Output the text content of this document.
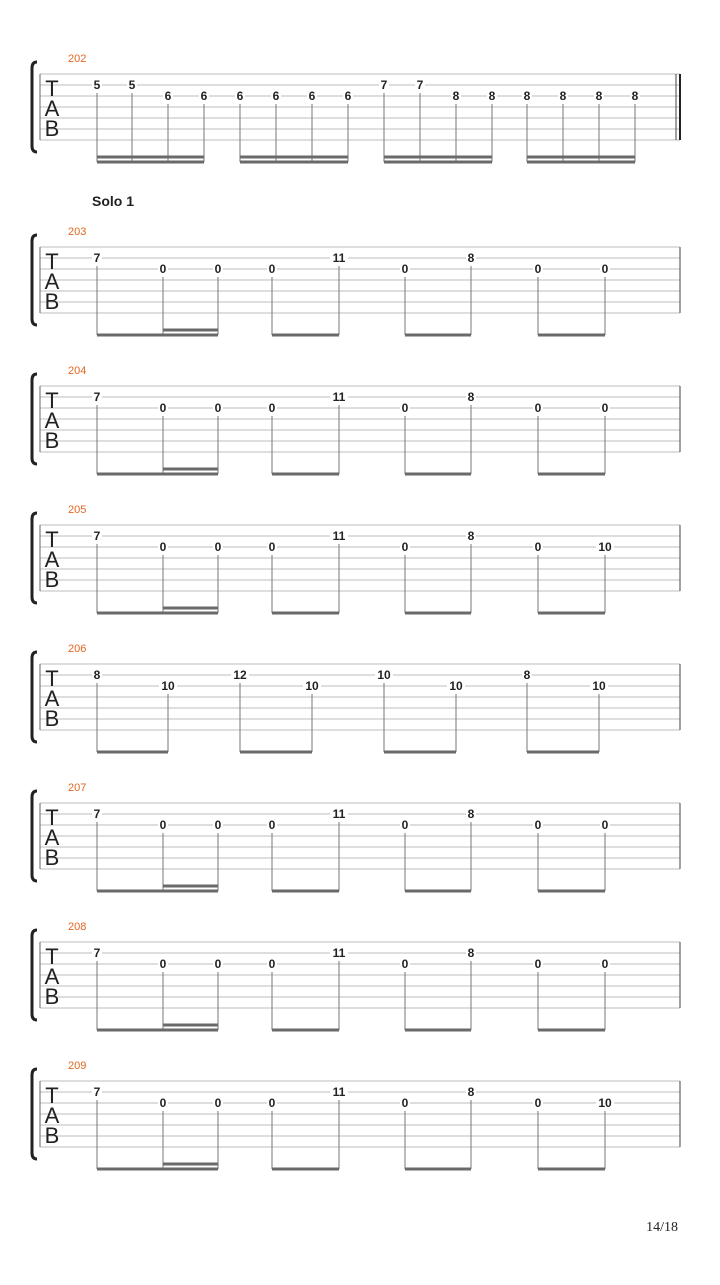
T
A
B
202
5 5
6 6 6 6 6 6
7 7
8 8 8 8 8 8
T
A
B
203
Solo 1
7
0	0	0
11
0
8
0	0
T
A
B
204
7
0	0	0
11
0
8
0	0
T
A
B
205
7
0	0	0
11
0
8
0	10
T
A
B
206
8
10
12
10
10
10
8
10
T
A
B
207
7
0	0	0
11
0
8
0	0
T
A
B
208
7
0	0	0
11
0
8
0	0
T
A
B
209
7
0	0	0
11
0
8
0	10
14/18
